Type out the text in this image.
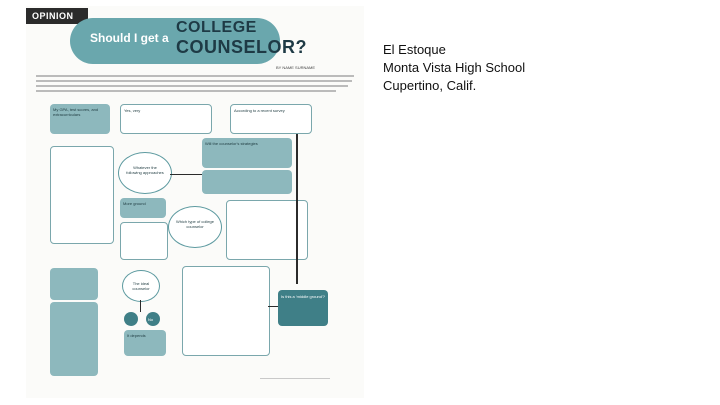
OPINION
Should I get a
COLLEGE
COUNSELOR?
BY NAME SURNAME
My GPA, test scores, and extracurriculars
Yes, very	According to a recent survey
Will the counselor's strategies
Whatever the following approaches
Which type of college counselor
More ground
The ideal counselor
No
It depends
Is this a 'middle ground'?
El Estoque
Monta Vista High School
Cupertino, Calif.
